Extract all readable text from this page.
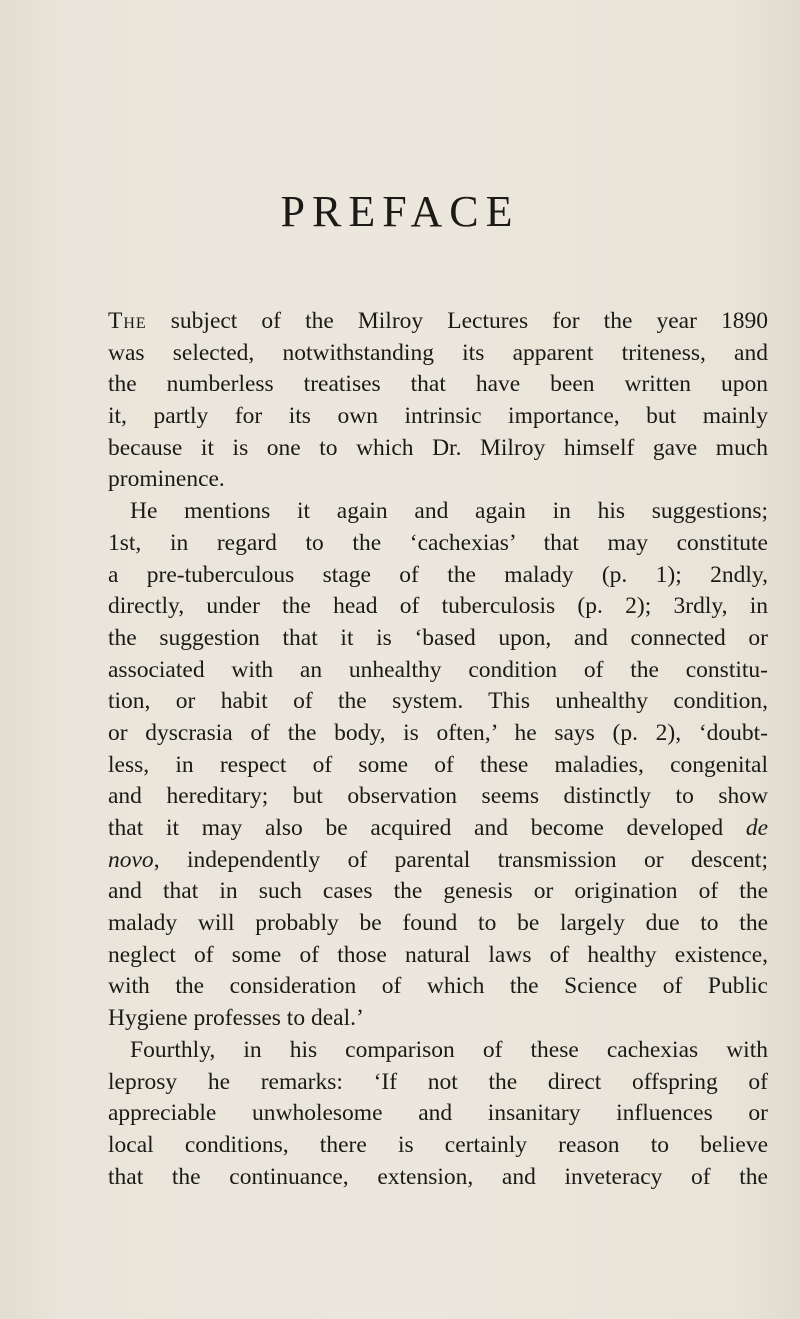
PREFACE
The subject of the Milroy Lectures for the year 1890
was selected, notwithstanding its apparent triteness, and
the numberless treatises that have been written upon
it, partly for its own intrinsic importance, but mainly
because it is one to which Dr. Milroy himself gave much
prominence.
He mentions it again and again in his suggestions;
1st, in regard to the ‘cachexias’ that may constitute
a pre-tuberculous stage of the malady (p. 1); 2ndly,
directly, under the head of tuberculosis (p. 2); 3rdly, in
the suggestion that it is ‘based upon, and connected or
associated with an unhealthy condition of the constitu-
tion, or habit of the system. This unhealthy condition,
or dyscrasia of the body, is often,’ he says (p. 2), ‘doubt-
less, in respect of some of these maladies, congenital
and hereditary; but observation seems distinctly to show
that it may also be acquired and become developed de
novo, independently of parental transmission or descent;
and that in such cases the genesis or origination of the
malady will probably be found to be largely due to the
neglect of some of those natural laws of healthy existence,
with the consideration of which the Science of Public
Hygiene professes to deal.’
Fourthly, in his comparison of these cachexias with
leprosy he remarks: ‘If not the direct offspring of
appreciable unwholesome and insanitary influences or
local conditions, there is certainly reason to believe
that the continuance, extension, and inveteracy of the
